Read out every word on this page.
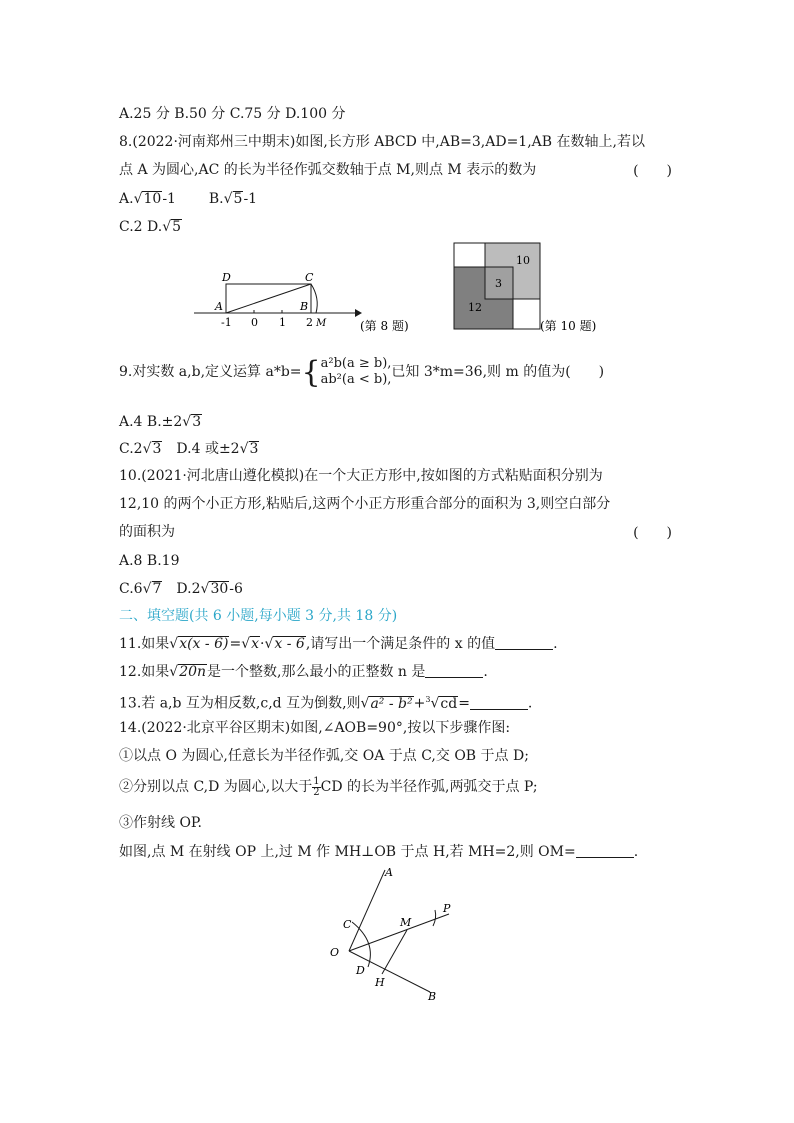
A.25 分 B.50 分 C.75 分 D.100 分
8.(2022·河南郑州三中期末)如图,长方形 ABCD 中,AB=3,AD=1,AB 在数轴上,若以
点 A 为圆心,AC 的长为半径作弧交数轴于点 M,则点 M 表示的数为	(　　)
A.√10-1 B.√5-1
C.2 D.√5
D	C
A	B
M
-1 0 1 2	(第 8 题)
10
3
12
(第 10 题)
9.对实数 a,b,定义运算 a*b={ a²b(a ≥ b),
ab²(a < b), 已知 3*m=36,则 m 的值为(　　)
A.4 B.±2√3
C.2√3　D.4 或±2√3
10.(2021·河北唐山遵化模拟)在一个大正方形中,按如图的方式粘贴面积分别为
12,10 的两个小正方形,粘贴后,这两个小正方形重合部分的面积为 3,则空白部分
的面积为	(　　)
A.8 B.19
C.6√7　D.2√30-6
二、填空题(共 6 小题,每小题 3 分,共 18 分)
11.如果√x(x - 6)=√x·√x - 6,请写出一个满足条件的 x 的值	.
12.如果√20n是一个整数,那么最小的正整数 n 是	.
13.若 a,b 互为相反数,c,d 互为倒数,则√a² - b²+$^3$√cd=	.
14.(2022·北京平谷区期末)如图,∠AOB=90°,按以下步骤作图:
①以点 O 为圆心,任意长为半径作弧,交 OA 于点 C,交 OB 于点 D;
②分别以点 C,D 为圆心,以大于 $\frac{1}{2}$ CD 的长为半径作弧,两弧交于点 P;
③作射线 OP.
如图,点 M 在射线 OP 上,过 M 作 MH⊥OB 于点 H,若 MH=2,则 OM=	.
A
B
O
C
D
M
H
P
